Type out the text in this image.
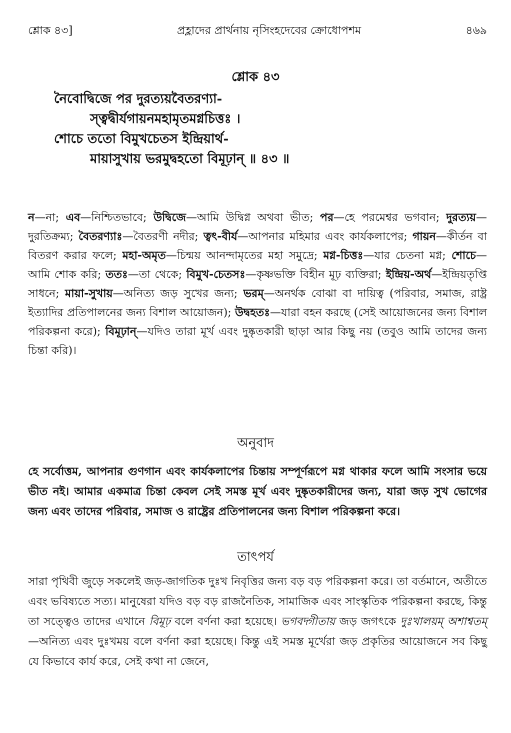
শ্লোক ৪৩]	প্রহ্লাদের প্রার্থনায় নৃসিংহদেবের ক্রোধোপশম	৪৬৯
শ্লোক ৪৩
নৈবোদ্বিজে পর দুরত্যয়বৈতরণ্যা-
স্ত্বদ্বীর্যগায়নমহামৃতমগ্নচিত্তঃ ।
শোচে ততো বিমুখচেতস ইন্দ্রিয়ার্থ-
মায়াসুখায় ভরমুদ্বহতো বিমূঢ়ান্ ॥ ৪৩ ॥
ন—না; এব—নিশ্চিতভাবে; উদ্বিজে—আমি উদ্বিগ্ন অথবা ভীত; পর—হে পরমেশ্বর ভগবান; দুরত্যয়—দুরতিক্রম্য; বৈতরণ্যাঃ—বৈতরণী নদীর; ত্বৎ-বীর্য—আপনার মহিমার এবং কার্যকলাপের; গায়ন—কীর্তন বা বিতরণ করার ফলে; মহা-অমৃত—চিন্ময় আনন্দামৃতের মহা সমুদ্রে; মগ্ন-চিত্তঃ—যার চেতনা মগ্ন; শোচে—আমি শোক করি; ততঃ—তা থেকে; বিমুখ-চেতসঃ—কৃষ্ণভক্তি বিহীন মূঢ় ব্যক্তিরা; ইন্দ্রিয়-অর্থ—ইন্দ্রিয়তৃপ্তি সাধনে; মায়া-সুখায়—অনিত্য জড় সুখের জন্য; ভরম্—অনর্থক বোঝা বা দায়িত্ব (পরিবার, সমাজ, রাষ্ট্র ইত্যাদির প্রতিপালনের জন্য বিশাল আয়োজন); উদ্বহতঃ—যারা বহন করছে (সেই আয়োজনের জন্য বিশাল পরিকল্পনা করে); বিমূঢ়ান্—যদিও তারা মূর্খ এবং দুষ্কৃতকারী ছাড়া আর কিছু নয় (তবুও আমি তাদের জন্য চিন্তা করি)।
অনুবাদ
হে সর্বোত্তম, আপনার গুণগান এবং কার্যকলাপের চিন্তায় সম্পূর্ণরূপে মগ্ন থাকার ফলে আমি সংসার ভয়ে ভীত নই। আমার একমাত্র চিন্তা কেবল সেই সমস্ত মূর্খ এবং দুষ্কৃতকারীদের জন্য, যারা জড় সুখ ভোগের জন্য এবং তাদের পরিবার, সমাজ ও রাষ্ট্রের প্রতিপালনের জন্য বিশাল পরিকল্পনা করে।
তাৎপর্য
সারা পৃথিবী জুড়ে সকলেই জড়-জাগতিক দুঃখ নিবৃত্তির জন্য বড় বড় পরিকল্পনা করে। তা বর্তমানে, অতীতে এবং ভবিষ্যতে সত্য। মানুষেরা যদিও বড় বড় রাজনৈতিক, সামাজিক এবং সাংস্কৃতিক পরিকল্পনা করছে, কিন্তু তা সত্ত্বেও তাদের এখানে বিমূঢ় বলে বর্ণনা করা হয়েছে। ভগবদ্গীতায় জড় জগৎকে দুঃখালয়ম্ অশাশ্বতম্—অনিত্য এবং দুঃখময় বলে বর্ণনা করা হয়েছে। কিন্তু এই সমস্ত মূর্খেরা জড় প্রকৃতির আয়োজনে সব কিছু যে কিভাবে কার্য করে, সেই কথা না জেনে,
